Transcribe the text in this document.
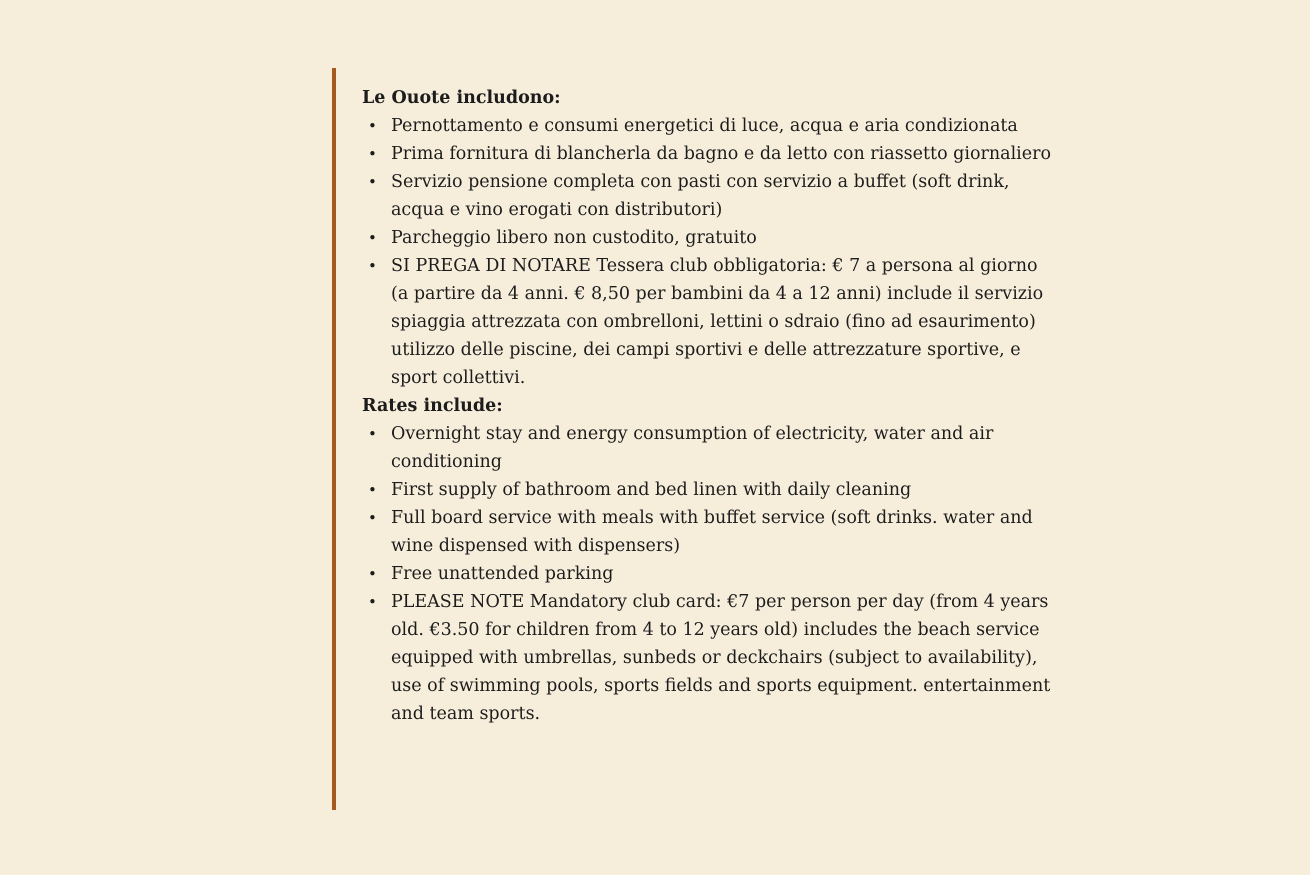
Le Ouote includono:
• Pernottamento e consumi energetici di luce, acqua e aria condizionata
• Prima fornitura di blancherla da bagno e da letto con riassetto giornaliero
• Servizio pensione completa con pasti con servizio a buffet (soft drink, acqua e vino erogati con distributori)
• Parcheggio libero non custodito, gratuito
• SI PREGA DI NOTARE Tessera club obbligatoria: € 7 a persona al giorno (a partire da 4 anni. € 8,50 per bambini da 4 a 12 anni) include il servizio spiaggia attrezzata con ombrelloni, lettini o sdraio (fino ad esaurimento) utilizzo delle piscine, dei campi sportivi e delle attrezzature sportive, e sport collettivi.
Rates include:
• Overnight stay and energy consumption of electricity, water and air conditioning
• First supply of bathroom and bed linen with daily cleaning
• Full board service with meals with buffet service (soft drinks. water and wine dispensed with dispensers)
• Free unattended parking
• PLEASE NOTE Mandatory club card: €7 per person per day (from 4 years old. €3.50 for children from 4 to 12 years old) includes the beach service equipped with umbrellas, sunbeds or deckchairs (subject to availability), use of swimming pools, sports fields and sports equipment. entertainment and team sports.
